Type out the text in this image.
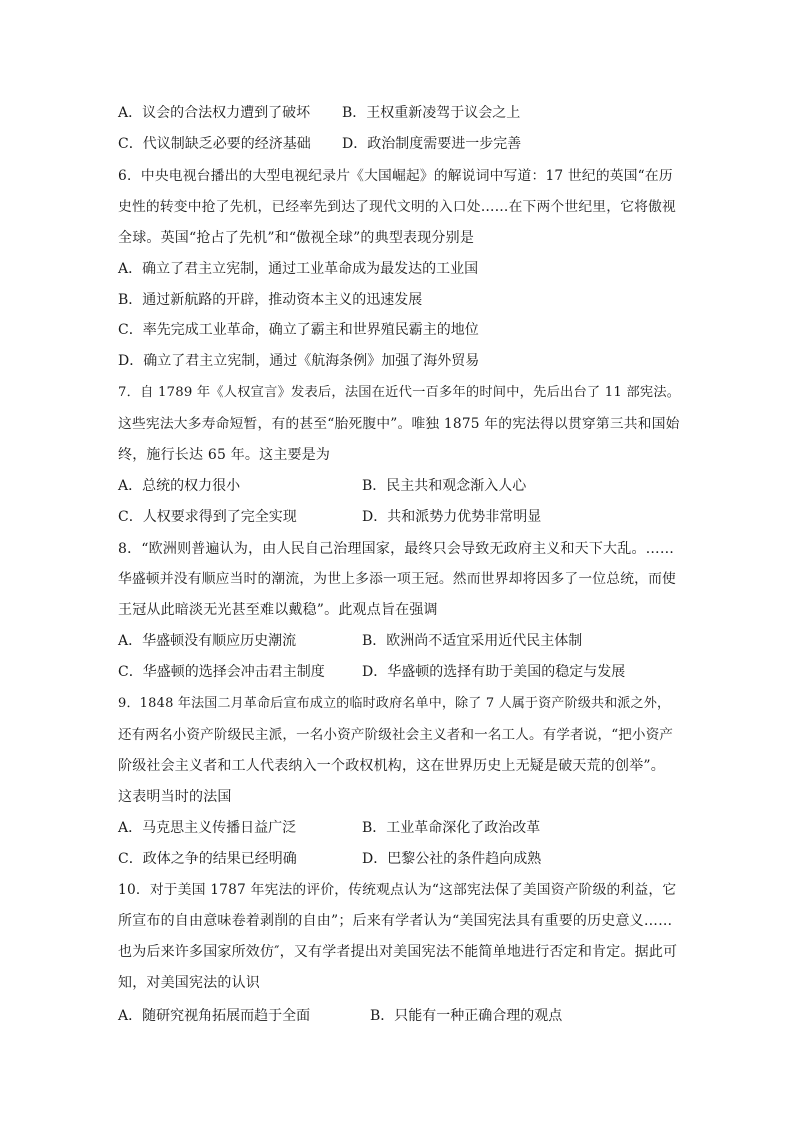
A．议会的合法权力遭到了破坏 B．王权重新凌驾于议会之上
C．代议制缺乏必要的经济基础 D．政治制度需要进一步完善
6．中央电视台播出的大型电视纪录片《大国崛起》的解说词中写道：17 世纪的英国“在历
史性的转变中抢了先机，已经率先到达了现代文明的入口处……在下两个世纪里，它将傲视
全球。英国“抢占了先机”和“傲视全球”的典型表现分别是
A．确立了君主立宪制，通过工业革命成为最发达的工业国
B．通过新航路的开辟，推动资本主义的迅速发展
C．率先完成工业革命，确立了霸主和世界殖民霸主的地位
D．确立了君主立宪制，通过《航海条例》加强了海外贸易
7．自 1789 年《人权宣言》发表后，法国在近代一百多年的时间中，先后出台了 11 部宪法。
这些宪法大多寿命短暂，有的甚至“胎死腹中”。唯独 1875 年的宪法得以贯穿第三共和国始
终，施行长达 65 年。这主要是为
A．总统的权力很小	B．民主共和观念渐入人心
C．人权要求得到了完全实现	D．共和派势力优势非常明显
8．“欧洲则普遍认为，由人民自己治理国家，最终只会导致无政府主义和天下大乱。……
华盛顿并没有顺应当时的潮流，为世上多添一项王冠。然而世界却将因多了一位总统，而使
王冠从此暗淡无光甚至难以戴稳”。此观点旨在强调
A．华盛顿没有顺应历史潮流	B．欧洲尚不适宜采用近代民主体制
C．华盛顿的选择会冲击君主制度	D．华盛顿的选择有助于美国的稳定与发展
9．1848 年法国二月革命后宣布成立的临时政府名单中，除了 7 人属于资产阶级共和派之外，
还有两名小资产阶级民主派，一名小资产阶级社会主义者和一名工人。有学者说，“把小资产
阶级社会主义者和工人代表纳入一个政权机构，这在世界历史上无疑是破天荒的创举”。
这表明当时的法国
A．马克思主义传播日益广泛	B．工业革命深化了政治改革
C．政体之争的结果已经明确	D．巴黎公社的条件趋向成熟
10．对于美国 1787 年宪法的评价，传统观点认为“这部宪法保了美国资产阶级的利益，它
所宣布的自由意味卷着剥削的自由”；后来有学者认为“美国宪法具有重要的历史意义……
也为后来许多国家所效仿″，又有学者提出对美国宪法不能简单地进行否定和肯定。据此可
知，对美国宪法的认识
A．随研究视角拓展而趋于全面	B．只能有一种正确合理的观点
